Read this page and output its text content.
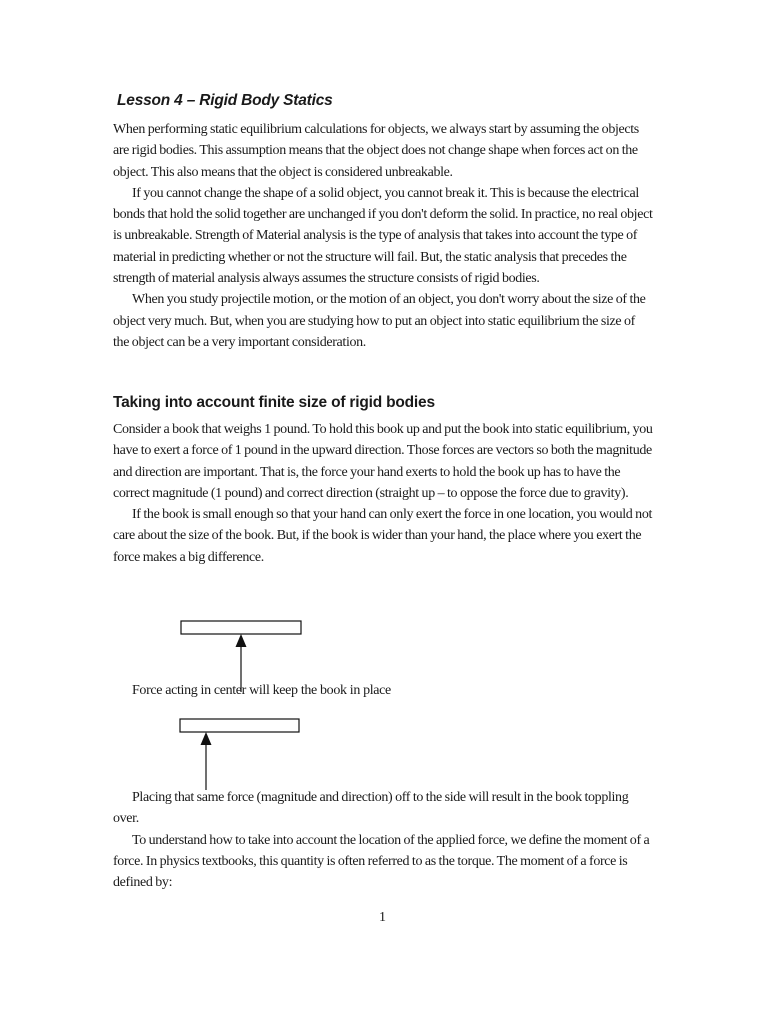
Lesson 4 – Rigid Body Statics

When performing static equilibrium calculations for objects, we always start by assuming the objects are rigid bodies. This assumption means that the object does not change shape when forces act on the object. This also means that the object is considered unbreakable.

If you cannot change the shape of a solid object, you cannot break it. This is because the electrical bonds that hold the solid together are unchanged if you don't deform the solid. In practice, no real object is unbreakable. Strength of Material analysis is the type of analysis that takes into account the type of material in predicting whether or not the structure will fail. But, the static analysis that precedes the strength of material analysis always assumes the structure consists of rigid bodies.

When you study projectile motion, or the motion of an object, you don't worry about the size of the object very much. But, when you are studying how to put an object into static equilibrium the size of the object can be a very important consideration.

Taking into account finite size of rigid bodies

Consider a book that weighs 1 pound. To hold this book up and put the book into static equilibrium, you have to exert a force of 1 pound in the upward direction. Those forces are vectors so both the magnitude and direction are important. That is, the force your hand exerts to hold the book up has to have the correct magnitude (1 pound) and correct direction (straight up – to oppose the force due to gravity).

If the book is small enough so that your hand can only exert the force in one location, you would not care about the size of the book. But, if the book is wider than your hand, the place where you exert the force makes a big difference.

Force acting in center will keep the book in place

Placing that same force (magnitude and direction) off to the side will result in the book toppling over.

To understand how to take into account the location of the applied force, we define the moment of a force. In physics textbooks, this quantity is often referred to as the torque. The moment of a force is defined by:

1
